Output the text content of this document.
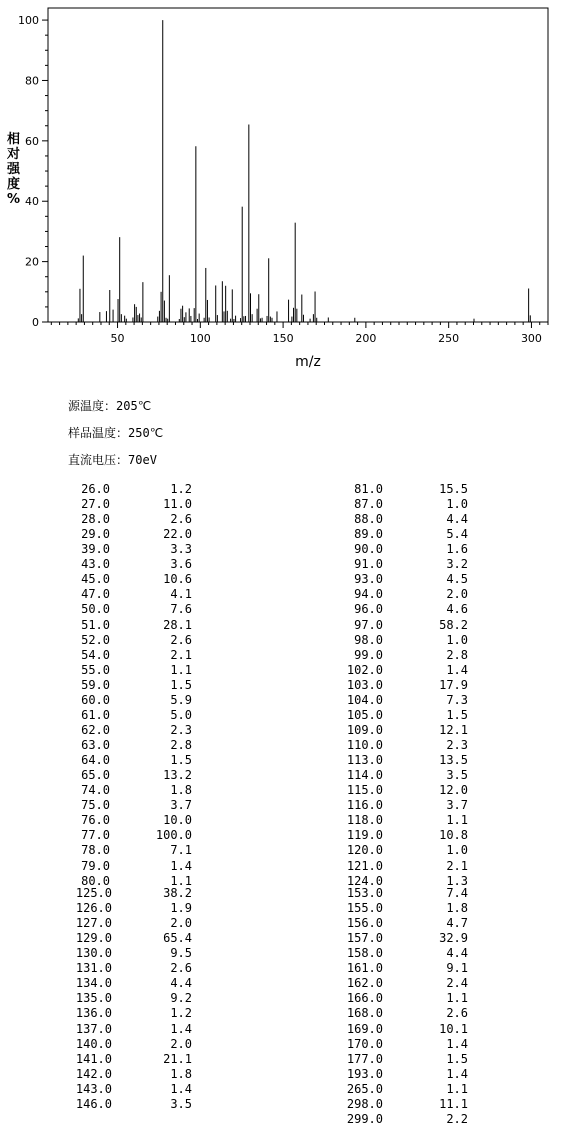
50	100	150	200	250	300
0
20
40
60
80
100
m/z
相
对
强
度
%
源温度：205℃
样品温度：250℃
直流电压：70eV
26.0	1.2
27.0	11.0
28.0	2.6
29.0	22.0
39.0	3.3
43.0	3.6
45.0	10.6
47.0	4.1
50.0	7.6
51.0	28.1
52.0	2.6
54.0	2.1
55.0	1.1
59.0	1.5
60.0	5.9
61.0	5.0
62.0	2.3
63.0	2.8
64.0	1.5
65.0	13.2
74.0	1.8
75.0	3.7
76.0	10.0
77.0	100.0
78.0	7.1
79.0	1.4
80.0	1.1
81.0	15.5
87.0	1.0
88.0	4.4
89.0	5.4
90.0	1.6
91.0	3.2
93.0	4.5
94.0	2.0
96.0	4.6
97.0	58.2
98.0	1.0
99.0	2.8
102.0	1.4
103.0	17.9
104.0	7.3
105.0	1.5
109.0	12.1
110.0	2.3
113.0	13.5
114.0	3.5
115.0	12.0
116.0	3.7
118.0	1.1
119.0	10.8
120.0	1.0
121.0	2.1
124.0	1.3
125.0	38.2
126.0	1.9
127.0	2.0
129.0	65.4
130.0	9.5
131.0	2.6
134.0	4.4
135.0	9.2
136.0	1.2
137.0	1.4
140.0	2.0
141.0	21.1
142.0	1.8
143.0	1.4
146.0	3.5
153.0	7.4
155.0	1.8
156.0	4.7
157.0	32.9
158.0	4.4
161.0	9.1
162.0	2.4
166.0	1.1
168.0	2.6
169.0	10.1
170.0	1.4
177.0	1.5
193.0	1.4
265.0	1.1
298.0	11.1
299.0	2.2
